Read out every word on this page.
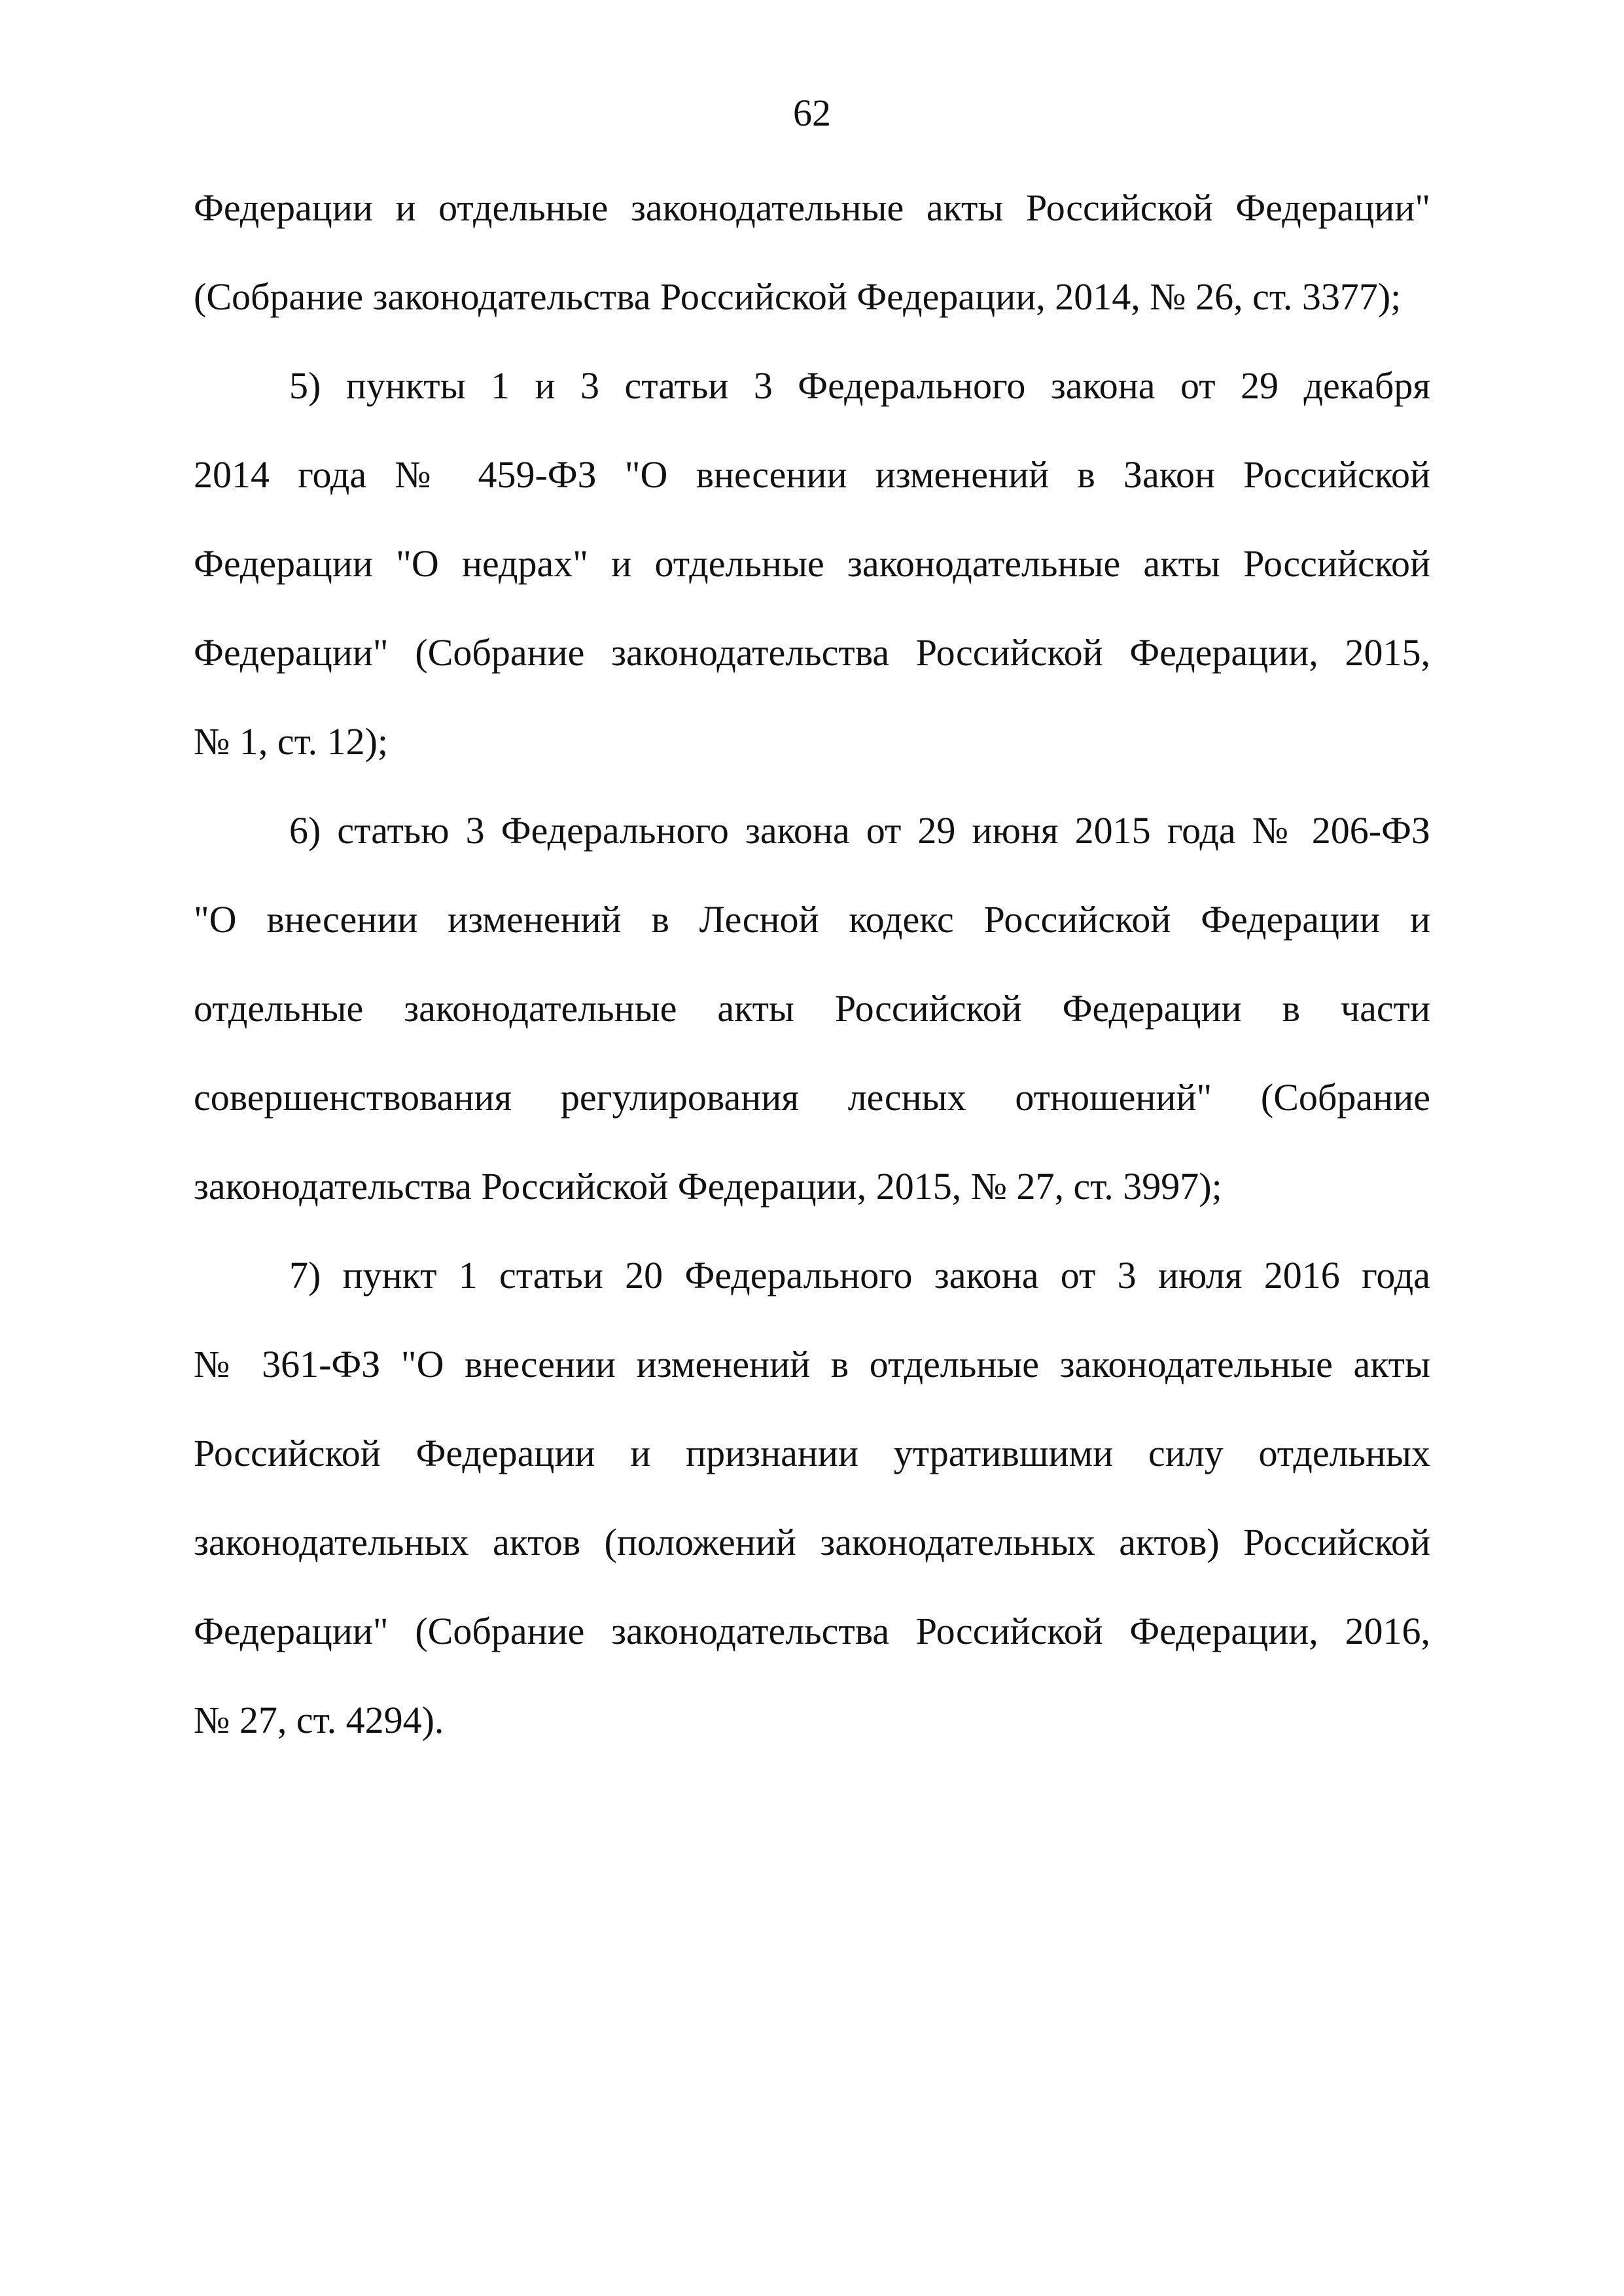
62
Федерации и отдельные законодательные акты Российской Федерации"
(Собрание законодательства Российской Федерации, 2014, № 26, ст. 3377);
5) пункты 1 и 3 статьи 3 Федерального закона от 29 декабря
2014 года № 459-ФЗ "О внесении изменений в Закон Российской
Федерации "О недрах" и отдельные законодательные акты Российской
Федерации" (Собрание законодательства Российской Федерации, 2015,
№ 1, ст. 12);
6) статью 3 Федерального закона от 29 июня 2015 года № 206-ФЗ
"О внесении изменений в Лесной кодекс Российской Федерации и
отдельные законодательные акты Российской Федерации в части
совершенствования регулирования лесных отношений" (Собрание
законодательства Российской Федерации, 2015, № 27, ст. 3997);
7) пункт 1 статьи 20 Федерального закона от 3 июля 2016 года
№ 361-ФЗ "О внесении изменений в отдельные законодательные акты
Российской Федерации и признании утратившими силу отдельных
законодательных актов (положений законодательных актов) Российской
Федерации" (Собрание законодательства Российской Федерации, 2016,
№ 27, ст. 4294).
